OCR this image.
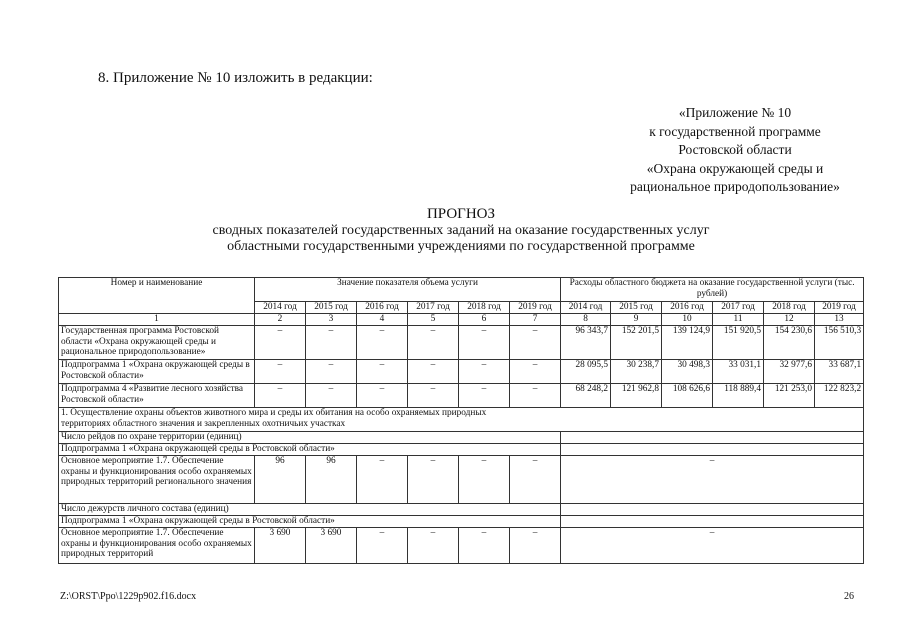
8. Приложение № 10 изложить в редакции:
«Приложение № 10
к государственной программе
Ростовской области
«Охрана окружающей среды и
рациональное природопользование»
ПРОГНОЗ
сводных показателей государственных заданий на оказание государственных услуг
областными государственными учреждениями по государственной программе
Номер и наименование	Значение показателя объема услуги						Расходы областного бюджета на оказание государственной услуги (тыс. рублей)					
	2014 год	2015 год	2016 год	2017 год	2018 год	2019 год	2014 год	2015 год	2016 год	2017 год	2018 год	2019 год
1	2	3	4	5	6	7	8	9	10	11	12	13
Государственная программа Ростовской области «Охрана окружающей среды и рациональное природопользование»	–	–	–	–	–	–	96 343,7	152 201,5	139 124,9	151 920,5	154 230,6	156 510,3
Подпрограмма 1 «Охрана окружающей среды в Ростовской области»	–	–	–	–	–	–	28 095,5	30 238,7	30 498,3	33 031,1	32 977,6	33 687,1
Подпрограмма 4 «Развитие лесного хозяйства Ростовской области»	–	–	–	–	–	–	68 248,2	121 962,8	108 626,6	118 889,4	121 253,0	122 823,2

1. Осуществление охраны объектов животного мира и среды их обитания на особо охраняемых природных территориях областного значения и закрепленных охотничьих участках												

Число рейдов по охране территории (единиц)												
Подпрограмма 1 «Охрана окружающей среды в Ростовской области»												
Основное мероприятие 1.7. Обеспечение охраны и функционирования особо охраняемых природных территорий регионального значения	96	96	–	–	–	–	–					
Число дежурств личного состава (единиц)												
Подпрограмма 1 «Охрана окружающей среды в Ростовской области»												
Основное мероприятие 1.7. Обеспечение охраны и функционирования особо охраняемых природных территорий	3 690	3 690	–	–	–	–	–					
Z:\ORST\Ppo\1229p902.f16.docx	26
